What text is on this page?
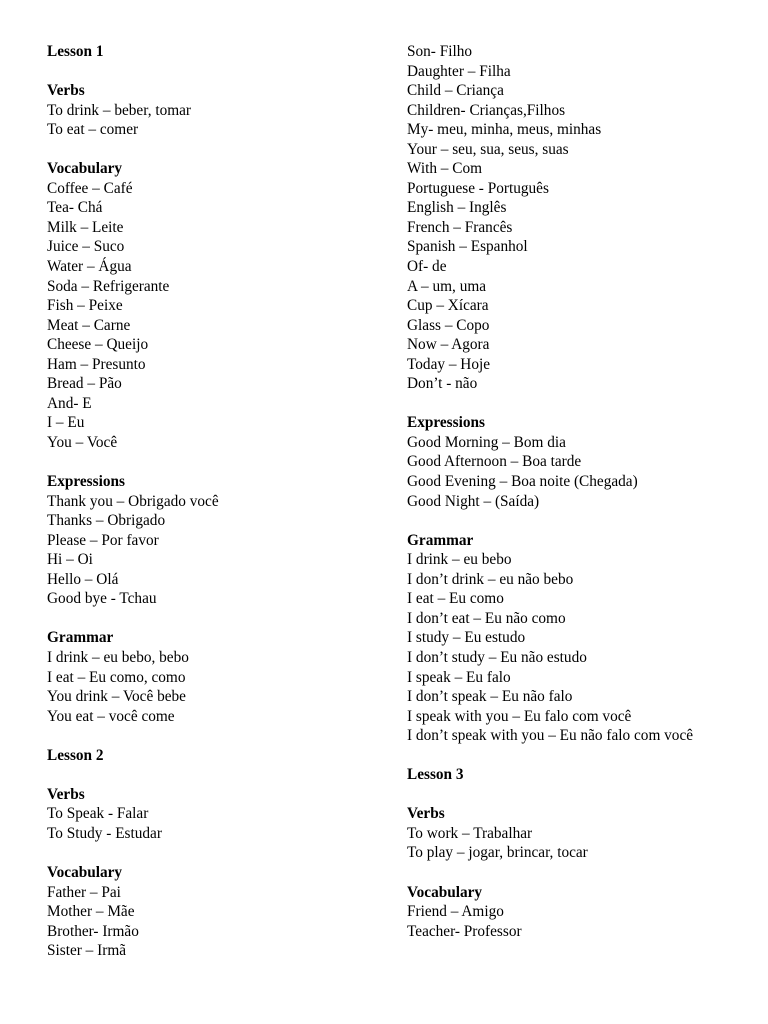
Lesson 1
Verbs
To drink – beber, tomar
To eat – comer
Vocabulary
Coffee – Café
Tea- Chá
Milk – Leite
Juice – Suco
Water – Água
Soda – Refrigerante
Fish – Peixe
Meat – Carne
Cheese – Queijo
Ham – Presunto
Bread – Pão
And- E
I – Eu
You – Você
Expressions
Thank you – Obrigado você
Thanks – Obrigado
Please – Por favor
Hi – Oi
Hello – Olá
Good bye - Tchau
Grammar
I drink – eu bebo, bebo
I eat – Eu como, como
You drink – Você bebe
You eat – você come
Lesson 2
Verbs
To Speak - Falar
To Study - Estudar
Vocabulary
Father – Pai
Mother – Mãe
Brother- Irmão
Sister – Irmã
Son- Filho
Daughter – Filha
Child – Criança
Children- Crianças,Filhos
My- meu, minha, meus, minhas
Your – seu, sua, seus, suas
With – Com
Portuguese - Português
English – Inglês
French – Francês
Spanish – Espanhol
Of- de
A – um, uma
Cup – Xícara
Glass – Copo
Now – Agora
Today – Hoje
Don’t - não
Expressions
Good Morning – Bom dia
Good Afternoon – Boa tarde
Good Evening – Boa noite (Chegada)
Good Night – (Saída)
Grammar
I drink – eu bebo
I don’t drink – eu não bebo
I eat – Eu como
I don’t eat – Eu não como
I study – Eu estudo
I don’t study – Eu não estudo
I speak – Eu falo
I don’t speak – Eu não falo
I speak with you – Eu falo com você
I don’t speak with you – Eu não falo com você
Lesson 3
Verbs
To work – Trabalhar
To play – jogar, brincar, tocar
Vocabulary
Friend – Amigo
Teacher- Professor
